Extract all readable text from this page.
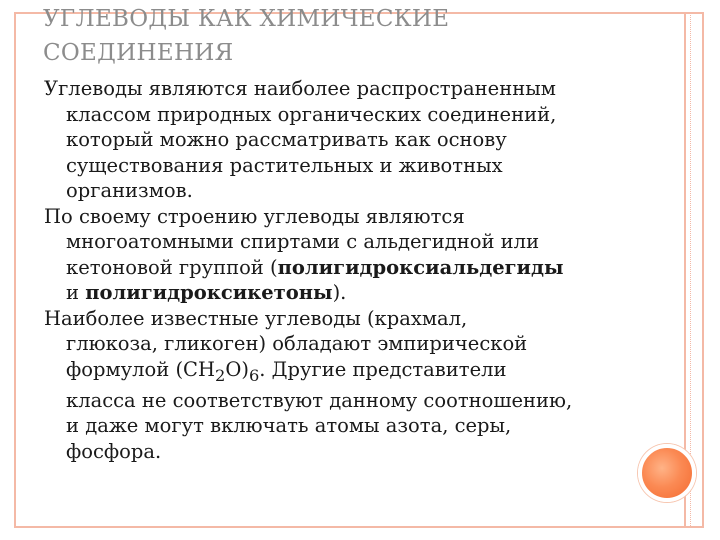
УГЛЕВОДЫ КАК ХИМИЧЕСКИЕ
СОЕДИНЕНИЯ

Углеводы являются наиболее распространенным
классом природных органических соединений,
который можно рассматривать как основу
существования растительных и животных
организмов.

По своему строению углеводы являются
многоатомными спиртами с альдегидной или
кетоновой группой (полигидроксиальдегиды
и полигидроксикетоны).

Наиболее известные углеводы (крахмал,
глюкоза, гликоген) обладают эмпирической
формулой $(CH_2O)_6$. Другие представители
класса не соответствуют данному соотношению,
и даже могут включать атомы азота, серы,
фосфора.
